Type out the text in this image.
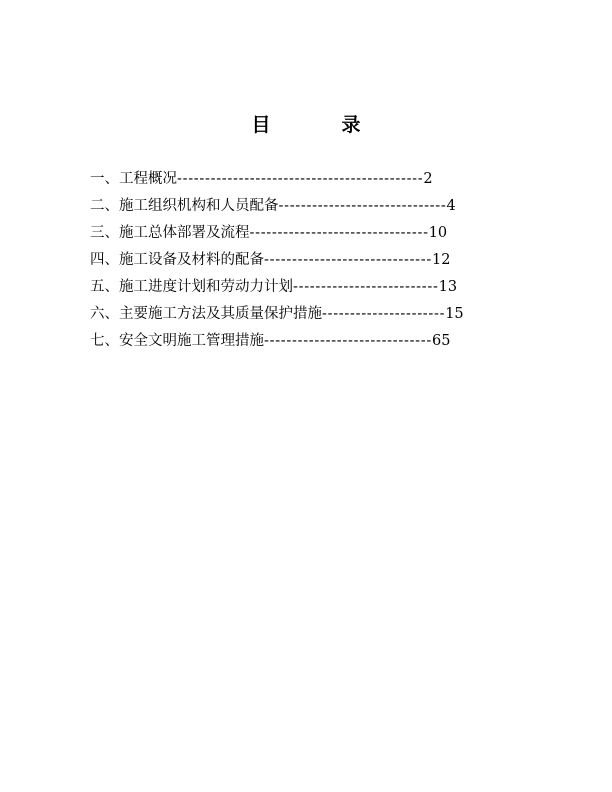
目　录
一、工程概况--------------------------------------------2
二、施工组织机构和人员配备------------------------------4
三、施工总体部署及流程--------------------------------10
四、施工设备及材料的配备------------------------------12
五、施工进度计划和劳动力计划--------------------------13
六、主要施工方法及其质量保护措施----------------------15
七、安全文明施工管理措施------------------------------65
